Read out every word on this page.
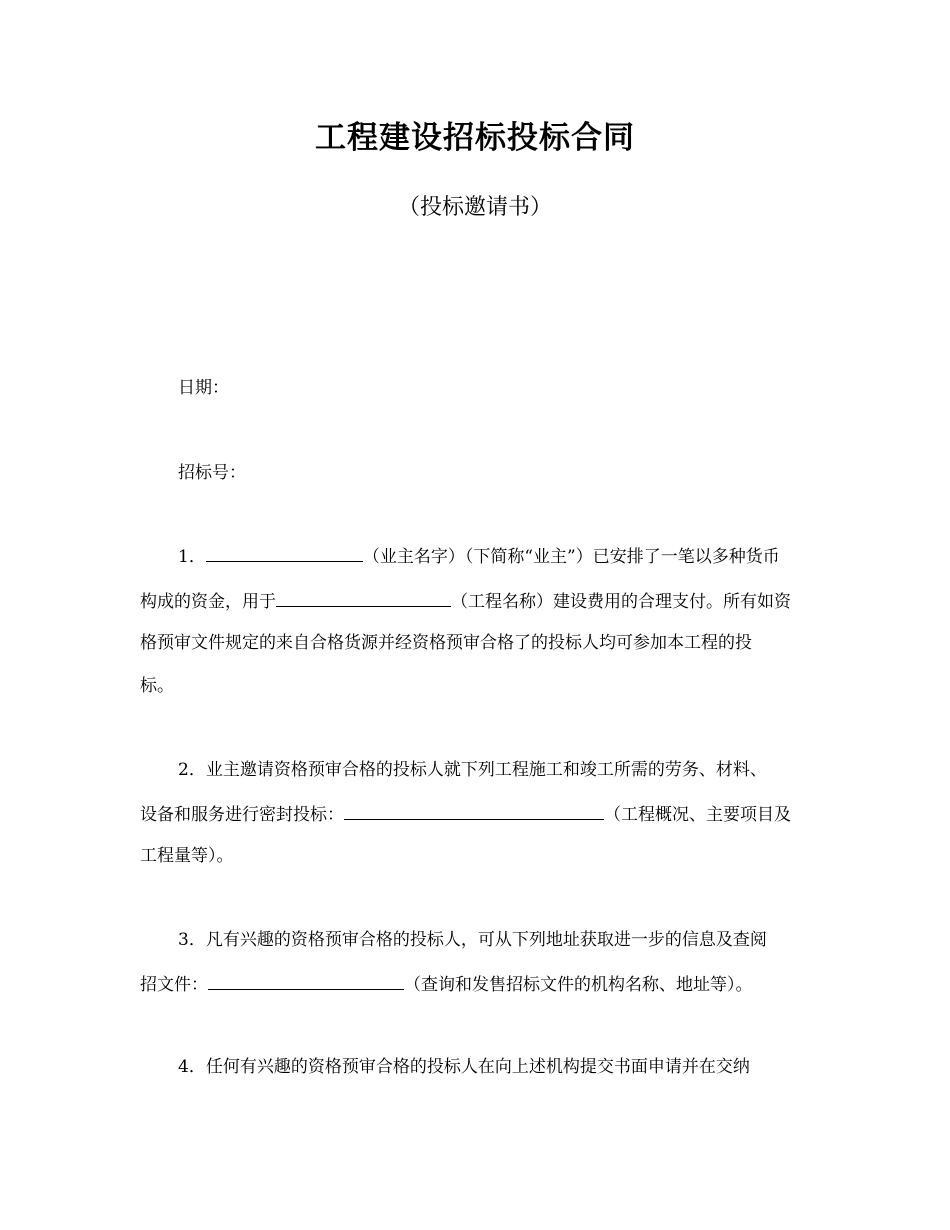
工程建设招标投标合同
（投标邀请书）
日期：
招标号：
1．	（业主名字）（下简称“业主”）已安排了一笔以多种货币
构成的资金，用于	（工程名称）建设费用的合理支付。所有如资
格预审文件规定的来自合格货源并经资格预审合格了的投标人均可参加本工程的投
标。
2．业主邀请资格预审合格的投标人就下列工程施工和竣工所需的劳务、材料、
设备和服务进行密封投标：	（工程概况、主要项目及
工程量等）。
3．凡有兴趣的资格预审合格的投标人，可从下列地址获取进一步的信息及查阅
招文件：	（查询和发售招标文件的机构名称、地址等）。
4．任何有兴趣的资格预审合格的投标人在向上述机构提交书面申请并在交纳
